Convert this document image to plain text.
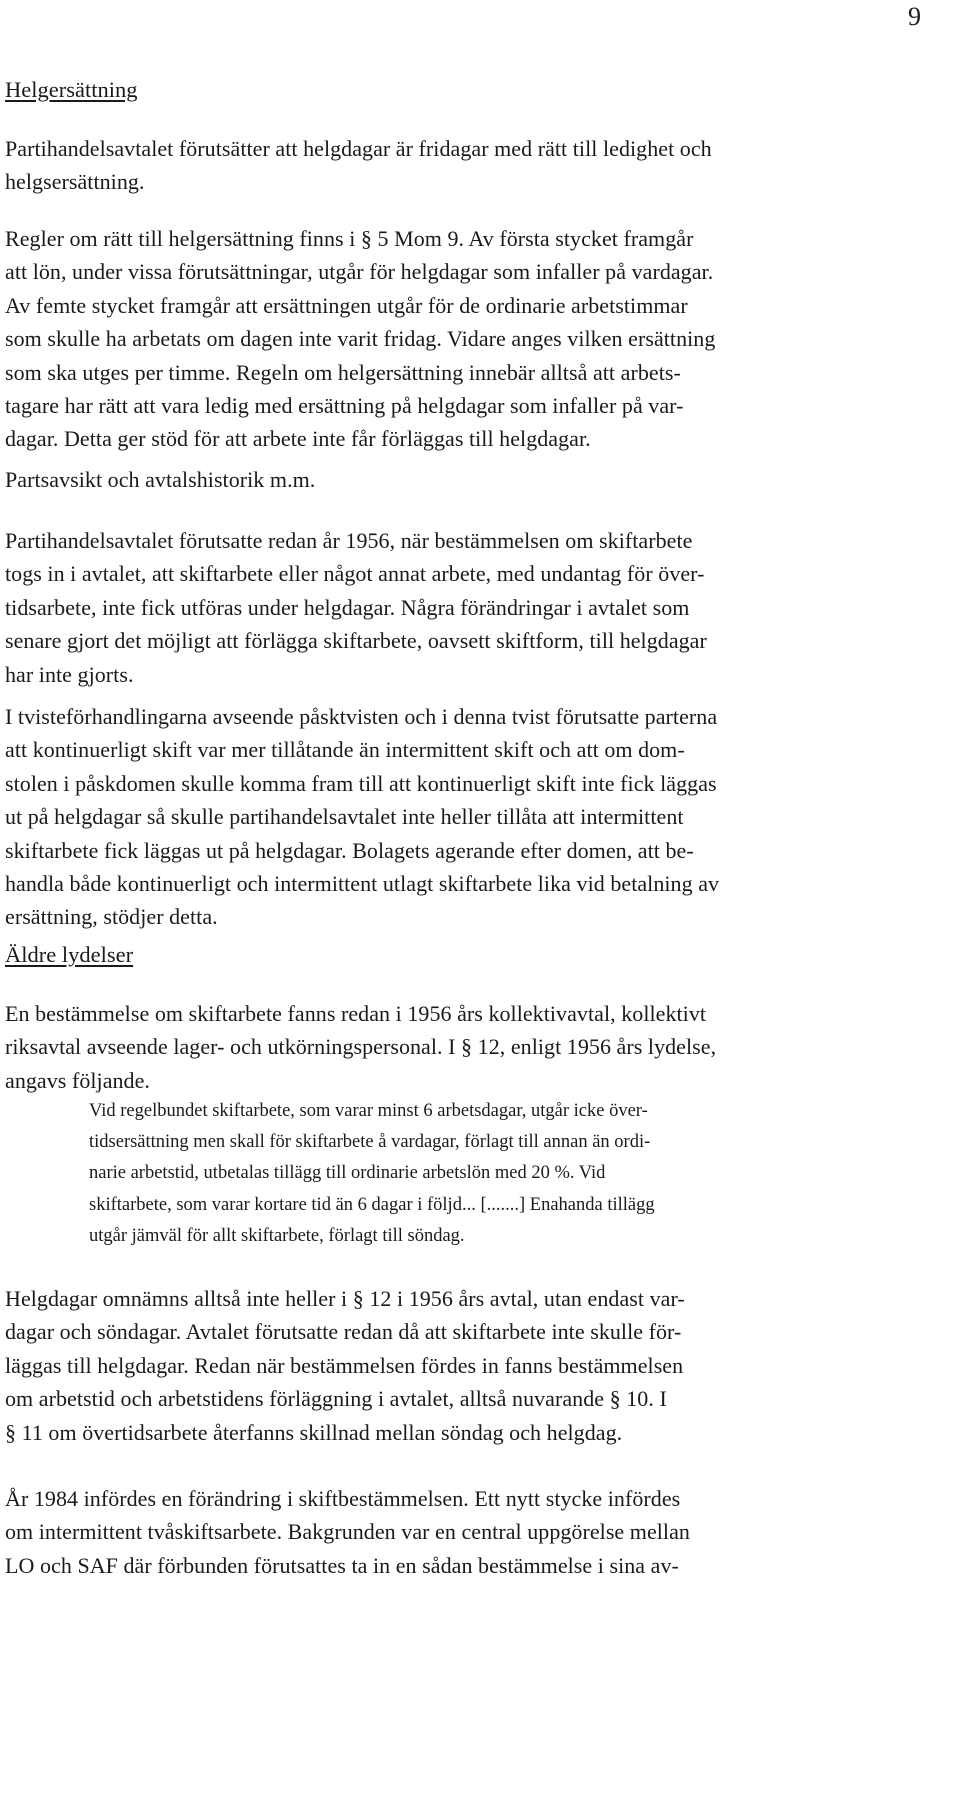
9
Helgersättning
Partihandelsavtalet förutsätter att helgdagar är fridagar med rätt till ledighet och
helgsersättning.
Regler om rätt till helgersättning finns i § 5 Mom 9. Av första stycket framgår
att lön, under vissa förutsättningar, utgår för helgdagar som infaller på vardagar.
Av femte stycket framgår att ersättningen utgår för de ordinarie arbetstimmar
som skulle ha arbetats om dagen inte varit fridag. Vidare anges vilken ersättning
som ska utges per timme. Regeln om helgersättning innebär alltså att arbets-
tagare har rätt att vara ledig med ersättning på helgdagar som infaller på var-
dagar. Detta ger stöd för att arbete inte får förläggas till helgdagar.
Partsavsikt och avtalshistorik m.m.
Partihandelsavtalet förutsatte redan år 1956, när bestämmelsen om skiftarbete
togs in i avtalet, att skiftarbete eller något annat arbete, med undantag för över-
tidsarbete, inte fick utföras under helgdagar. Några förändringar i avtalet som
senare gjort det möjligt att förlägga skiftarbete, oavsett skiftform, till helgdagar
har inte gjorts.
I tvisteförhandlingarna avseende påsktvisten och i denna tvist förutsatte parterna
att kontinuerligt skift var mer tillåtande än intermittent skift och att om dom-
stolen i påskdomen skulle komma fram till att kontinuerligt skift inte fick läggas
ut på helgdagar så skulle partihandelsavtalet inte heller tillåta att intermittent
skiftarbete fick läggas ut på helgdagar. Bolagets agerande efter domen, att be-
handla både kontinuerligt och intermittent utlagt skiftarbete lika vid betalning av
ersättning, stödjer detta.
Äldre lydelser
En bestämmelse om skiftarbete fanns redan i 1956 års kollektivavtal, kollektivt
riksavtal avseende lager- och utkörningspersonal. I § 12, enligt 1956 års lydelse,
angavs följande.
Vid regelbundet skiftarbete, som varar minst 6 arbetsdagar, utgår icke över-
tidsersättning men skall för skiftarbete å vardagar, förlagt till annan än ordi-
narie arbetstid, utbetalas tillägg till ordinarie arbetslön med 20 %. Vid
skiftarbete, som varar kortare tid än 6 dagar i följd... [.......] Enahanda tillägg
utgår jämväl för allt skiftarbete, förlagt till söndag.
Helgdagar omnämns alltså inte heller i § 12 i 1956 års avtal, utan endast var-
dagar och söndagar. Avtalet förutsatte redan då att skiftarbete inte skulle för-
läggas till helgdagar. Redan när bestämmelsen fördes in fanns bestämmelsen
om arbetstid och arbetstidens förläggning i avtalet, alltså nuvarande § 10. I
§ 11 om övertidsarbete återfanns skillnad mellan söndag och helgdag.
År 1984 infördes en förändring i skiftbestämmelsen. Ett nytt stycke infördes
om intermittent tvåskiftsarbete. Bakgrunden var en central uppgörelse mellan
LO och SAF där förbunden förutsattes ta in en sådan bestämmelse i sina av-
